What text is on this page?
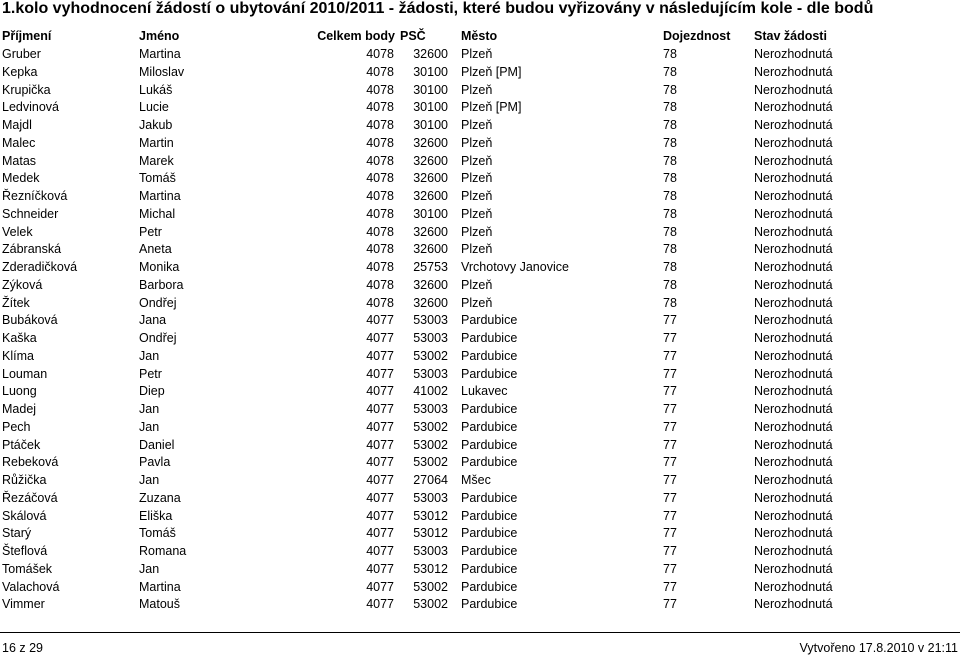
1.kolo vyhodnocení žádostí o ubytování 2010/2011 - žádosti, které budou vyřizovány v následujícím kole - dle bodů
Příjmení	Jméno	Celkem body PSČ	Město	Dojezdnost Stav žádosti
Gruber	Martina	4078	32600 Plzeň	78	Nerozhodnutá
Kepka	Miloslav	4078	30100 Plzeň [PM]	78	Nerozhodnutá
Krupička	Lukáš	4078	30100 Plzeň	78	Nerozhodnutá
Ledvinová	Lucie	4078	30100 Plzeň [PM]	78	Nerozhodnutá
Majdl	Jakub	4078	30100 Plzeň	78	Nerozhodnutá
Malec	Martin	4078	32600 Plzeň	78	Nerozhodnutá
Matas	Marek	4078	32600 Plzeň	78	Nerozhodnutá
Medek	Tomáš	4078	32600 Plzeň	78	Nerozhodnutá
Řezníčková	Martina	4078	32600 Plzeň	78	Nerozhodnutá
Schneider	Michal	4078	30100 Plzeň	78	Nerozhodnutá
Velek	Petr	4078	32600 Plzeň	78	Nerozhodnutá
Zábranská	Aneta	4078	32600 Plzeň	78	Nerozhodnutá
Zderadičková	Monika	4078	25753 Vrchotovy Janovice	78	Nerozhodnutá
Zýková	Barbora	4078	32600 Plzeň	78	Nerozhodnutá
Žítek	Ondřej	4078	32600 Plzeň	78	Nerozhodnutá
Bubáková	Jana	4077	53003 Pardubice	77	Nerozhodnutá
Kaška	Ondřej	4077	53003 Pardubice	77	Nerozhodnutá
Klíma	Jan	4077	53002 Pardubice	77	Nerozhodnutá
Louman	Petr	4077	53003 Pardubice	77	Nerozhodnutá
Luong	Diep	4077	41002 Lukavec	77	Nerozhodnutá
Madej	Jan	4077	53003 Pardubice	77	Nerozhodnutá
Pech	Jan	4077	53002 Pardubice	77	Nerozhodnutá
Ptáček	Daniel	4077	53002 Pardubice	77	Nerozhodnutá
Rebeková	Pavla	4077	53002 Pardubice	77	Nerozhodnutá
Růžička	Jan	4077	27064 Mšec	77	Nerozhodnutá
Řezáčová	Zuzana	4077	53003 Pardubice	77	Nerozhodnutá
Skálová	Eliška	4077	53012 Pardubice	77	Nerozhodnutá
Starý	Tomáš	4077	53012 Pardubice	77	Nerozhodnutá
Šteflová	Romana	4077	53003 Pardubice	77	Nerozhodnutá
Tomášek	Jan	4077	53012 Pardubice	77	Nerozhodnutá
Valachová	Martina	4077	53002 Pardubice	77	Nerozhodnutá
Vimmer	Matouš	4077	53002 Pardubice	77	Nerozhodnutá
16 z 29	Vytvořeno 17.8.2010 v 21:11
